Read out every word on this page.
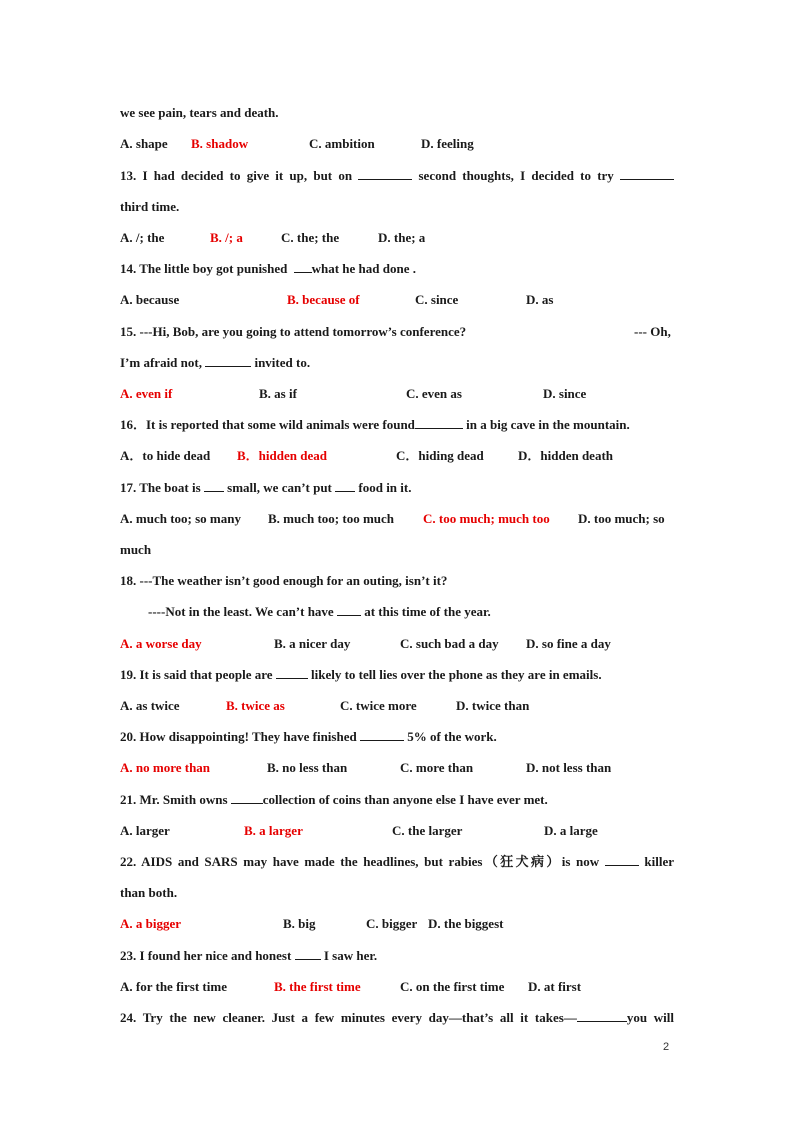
we see pain, tears and death.
A. shape B. shadow	C. ambition	D. feeling
13. I had decided to give it up, but on	second thoughts, I decided to try
third time.
A. /; the	B. /; a	C. the; the	D. the; a
14. The little boy got punished what he had done .
A. because	B. because of	C. since	D. as
15. ---Hi, Bob, are you going to attend tomorrow’s conference?	--- Oh,
I’m afraid not,	invited to.
A. even if	B. as if	C. even as	D. since
16．It is reported that some wild animals were found	in a big cave in the mountain.
A．to hide dead B．hidden dead	C．hiding dead	D．hidden death
17. The boat is small, we can’t put food in it.
A. much too; so many B. much too; too much C. too much; much too D. too much; so
much
18. ---The weather isn’t good enough for an outing, isn’t it?
----Not in the least. We can’t have at this time of the year.
A. a worse day	B. a nicer day	C. such bad a day D. so fine a day
19. It is said that people are	likely to tell lies over the phone as they are in emails.
A. as twice	B. twice as	C. twice more	D. twice than
20. How disappointing! They have finished	5% of the work.
A. no more than	B. no less than	C. more than	D. not less than
21. Mr. Smith owns	collection of coins than anyone else I have ever met.
A. larger	B. a larger	C. the larger	D. a large
22. AIDS and SARS may have made the headlines, but rabies（狂犬病）is now	killer
than both.
A. a bigger	B. big	C. bigger D. the biggest
23. I found her nice and honest	I saw her.
A. for the first time	B. the first time	C. on the first time D. at first
24. Try the new cleaner. Just a few minutes every day—that’s all it takes—	you will
2
